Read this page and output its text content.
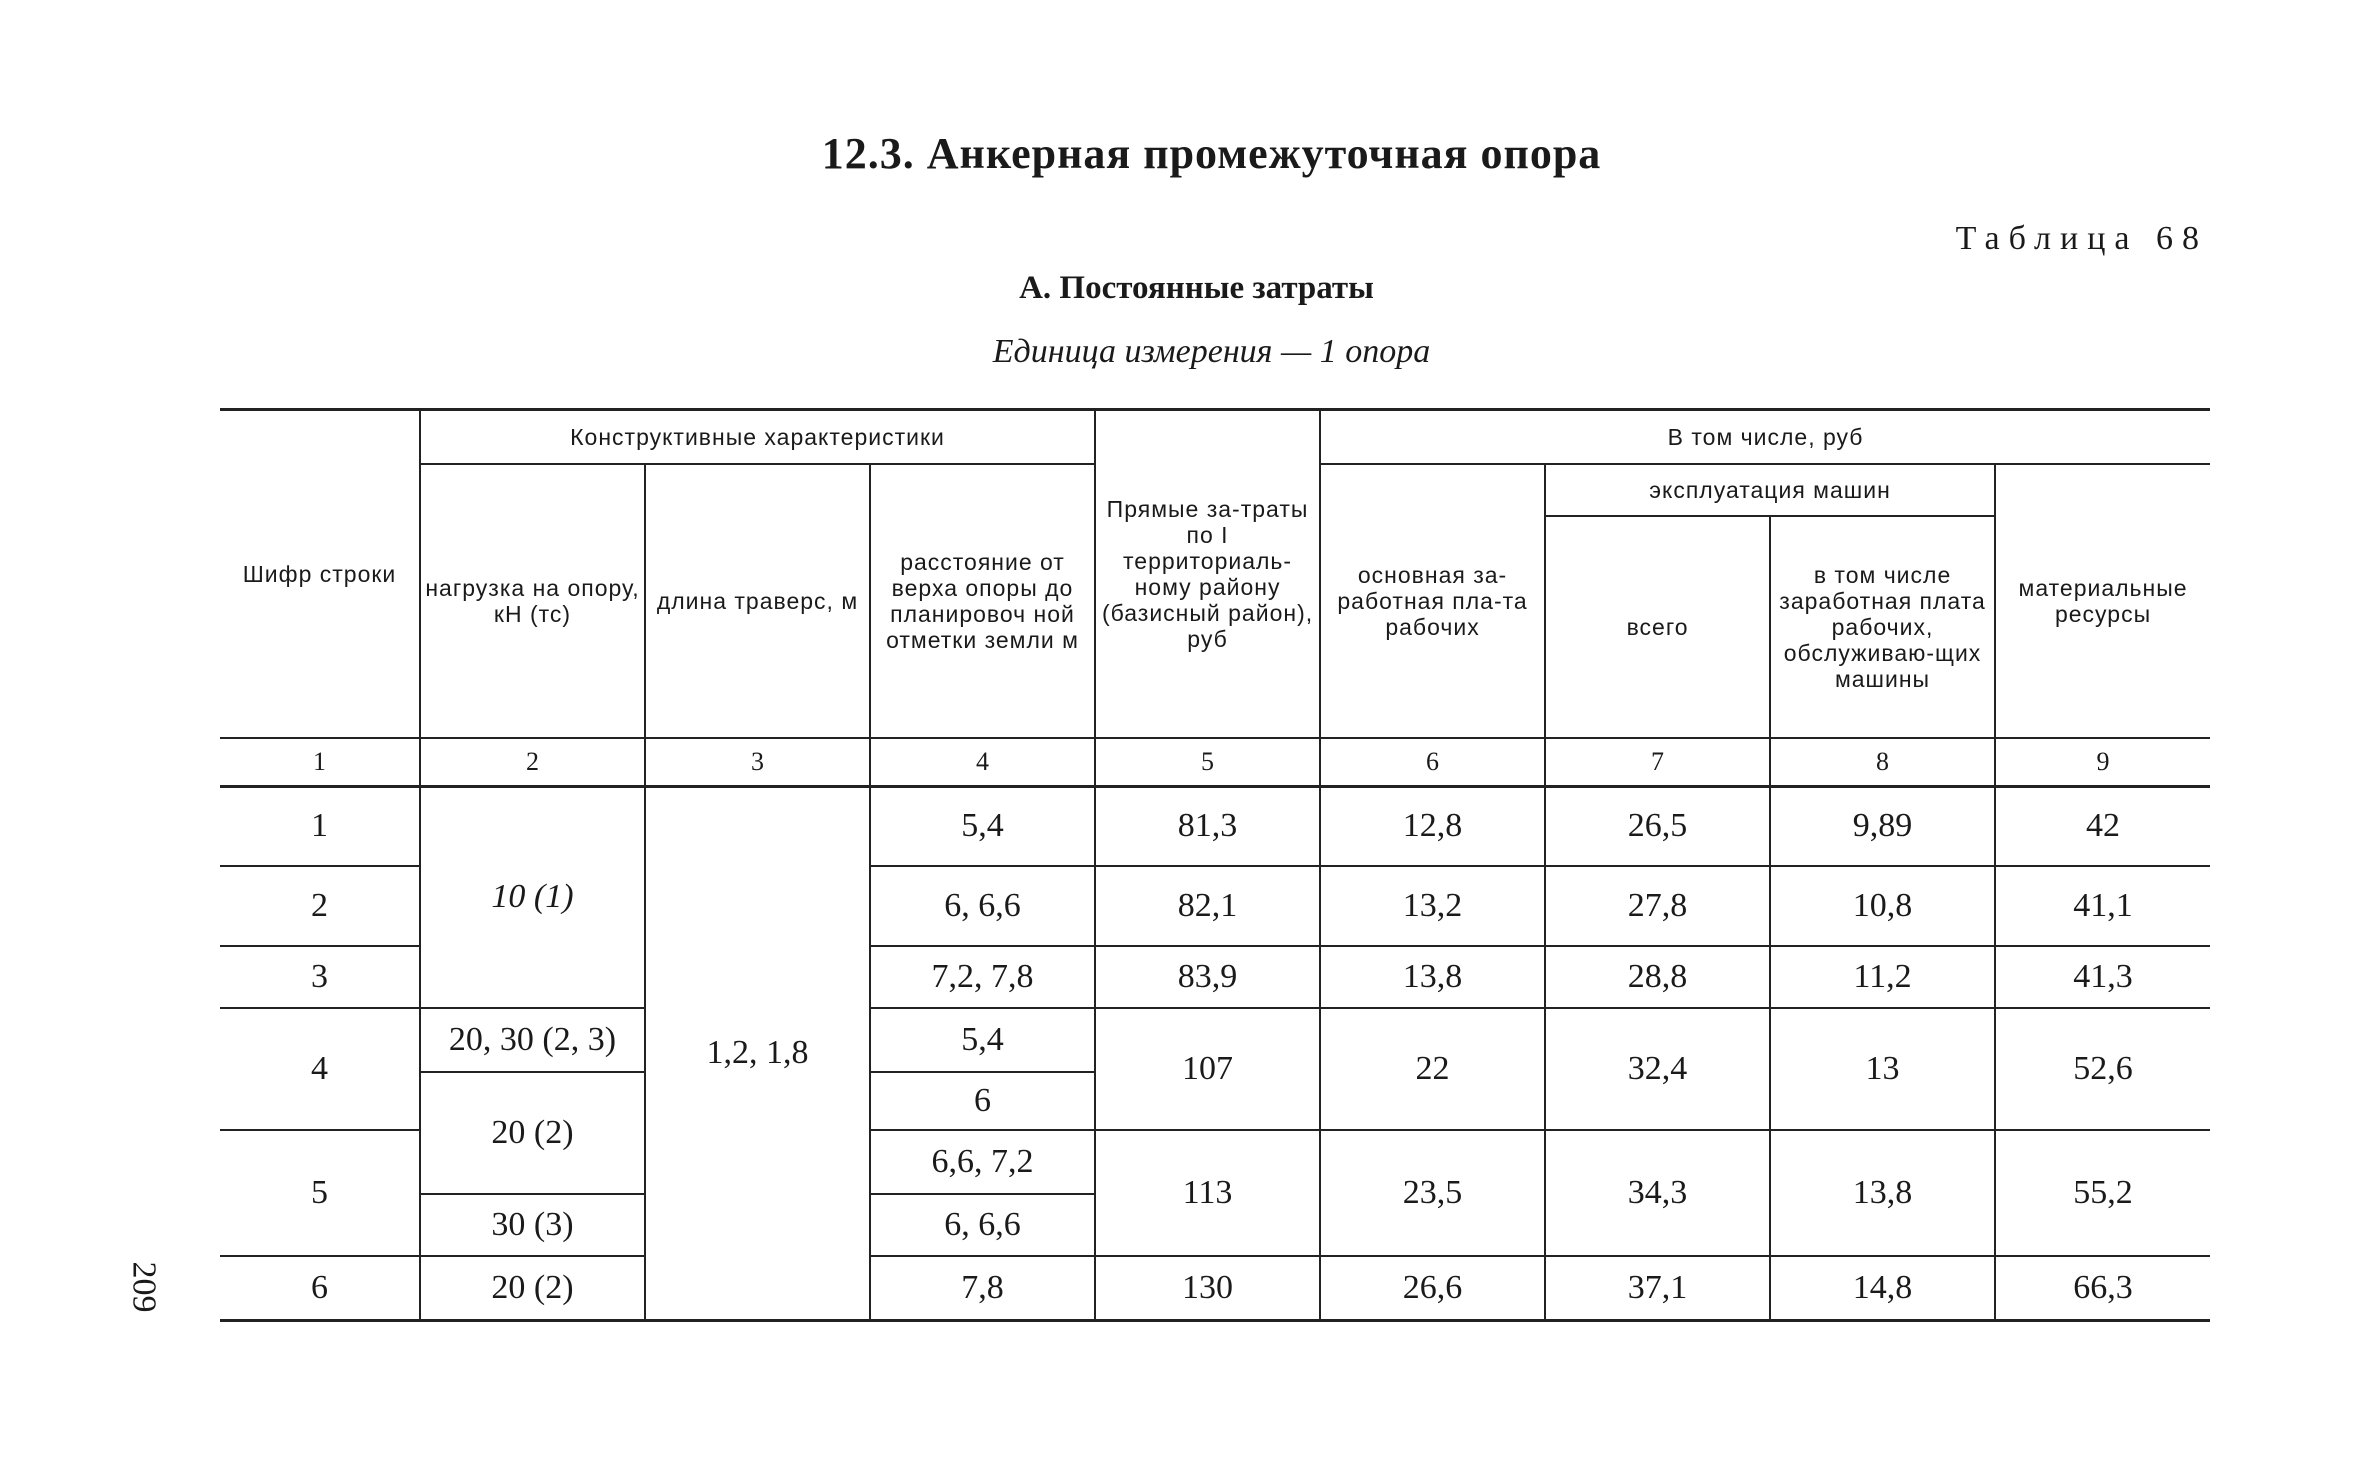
12.3. Анкерная промежуточная опора
Таблица 68
А. Постоянные затраты
Единица измерения — 1 опора
209
Шифр строки	Конструктивные характеристики			Прямые за-траты по I территориаль-ному району (базисный район), руб	В том числе, руб			
	нагрузка на опору, кН (тс)	длина траверс, м	расстояние от верха опоры до планировоч ной отметки земли м		основная за-работная пла-та рабочих	эксплуатация машин		материальные ресурсы
						всего	в том числе заработная плата рабочих, обслуживаю-щих машины	
1	2	3	4	5	6	7	8	9
1	10 (1)	1,2, 1,8	5,4	81,3	12,8	26,5	9,89	42
2			6, 6,6	82,1	13,2	27,8	10,8	41,1
3			7,2, 7,8	83,9	13,8	28,8	11,2	41,3
4	20, 30 (2, 3)		5,4	107	22	32,4	13	52,6
	20 (2)		6					
5			6,6, 7,2	113	23,5	34,3	13,8	55,2
	30 (3)		6, 6,6					
6	20 (2)		7,8	130	26,6	37,1	14,8	66,3
